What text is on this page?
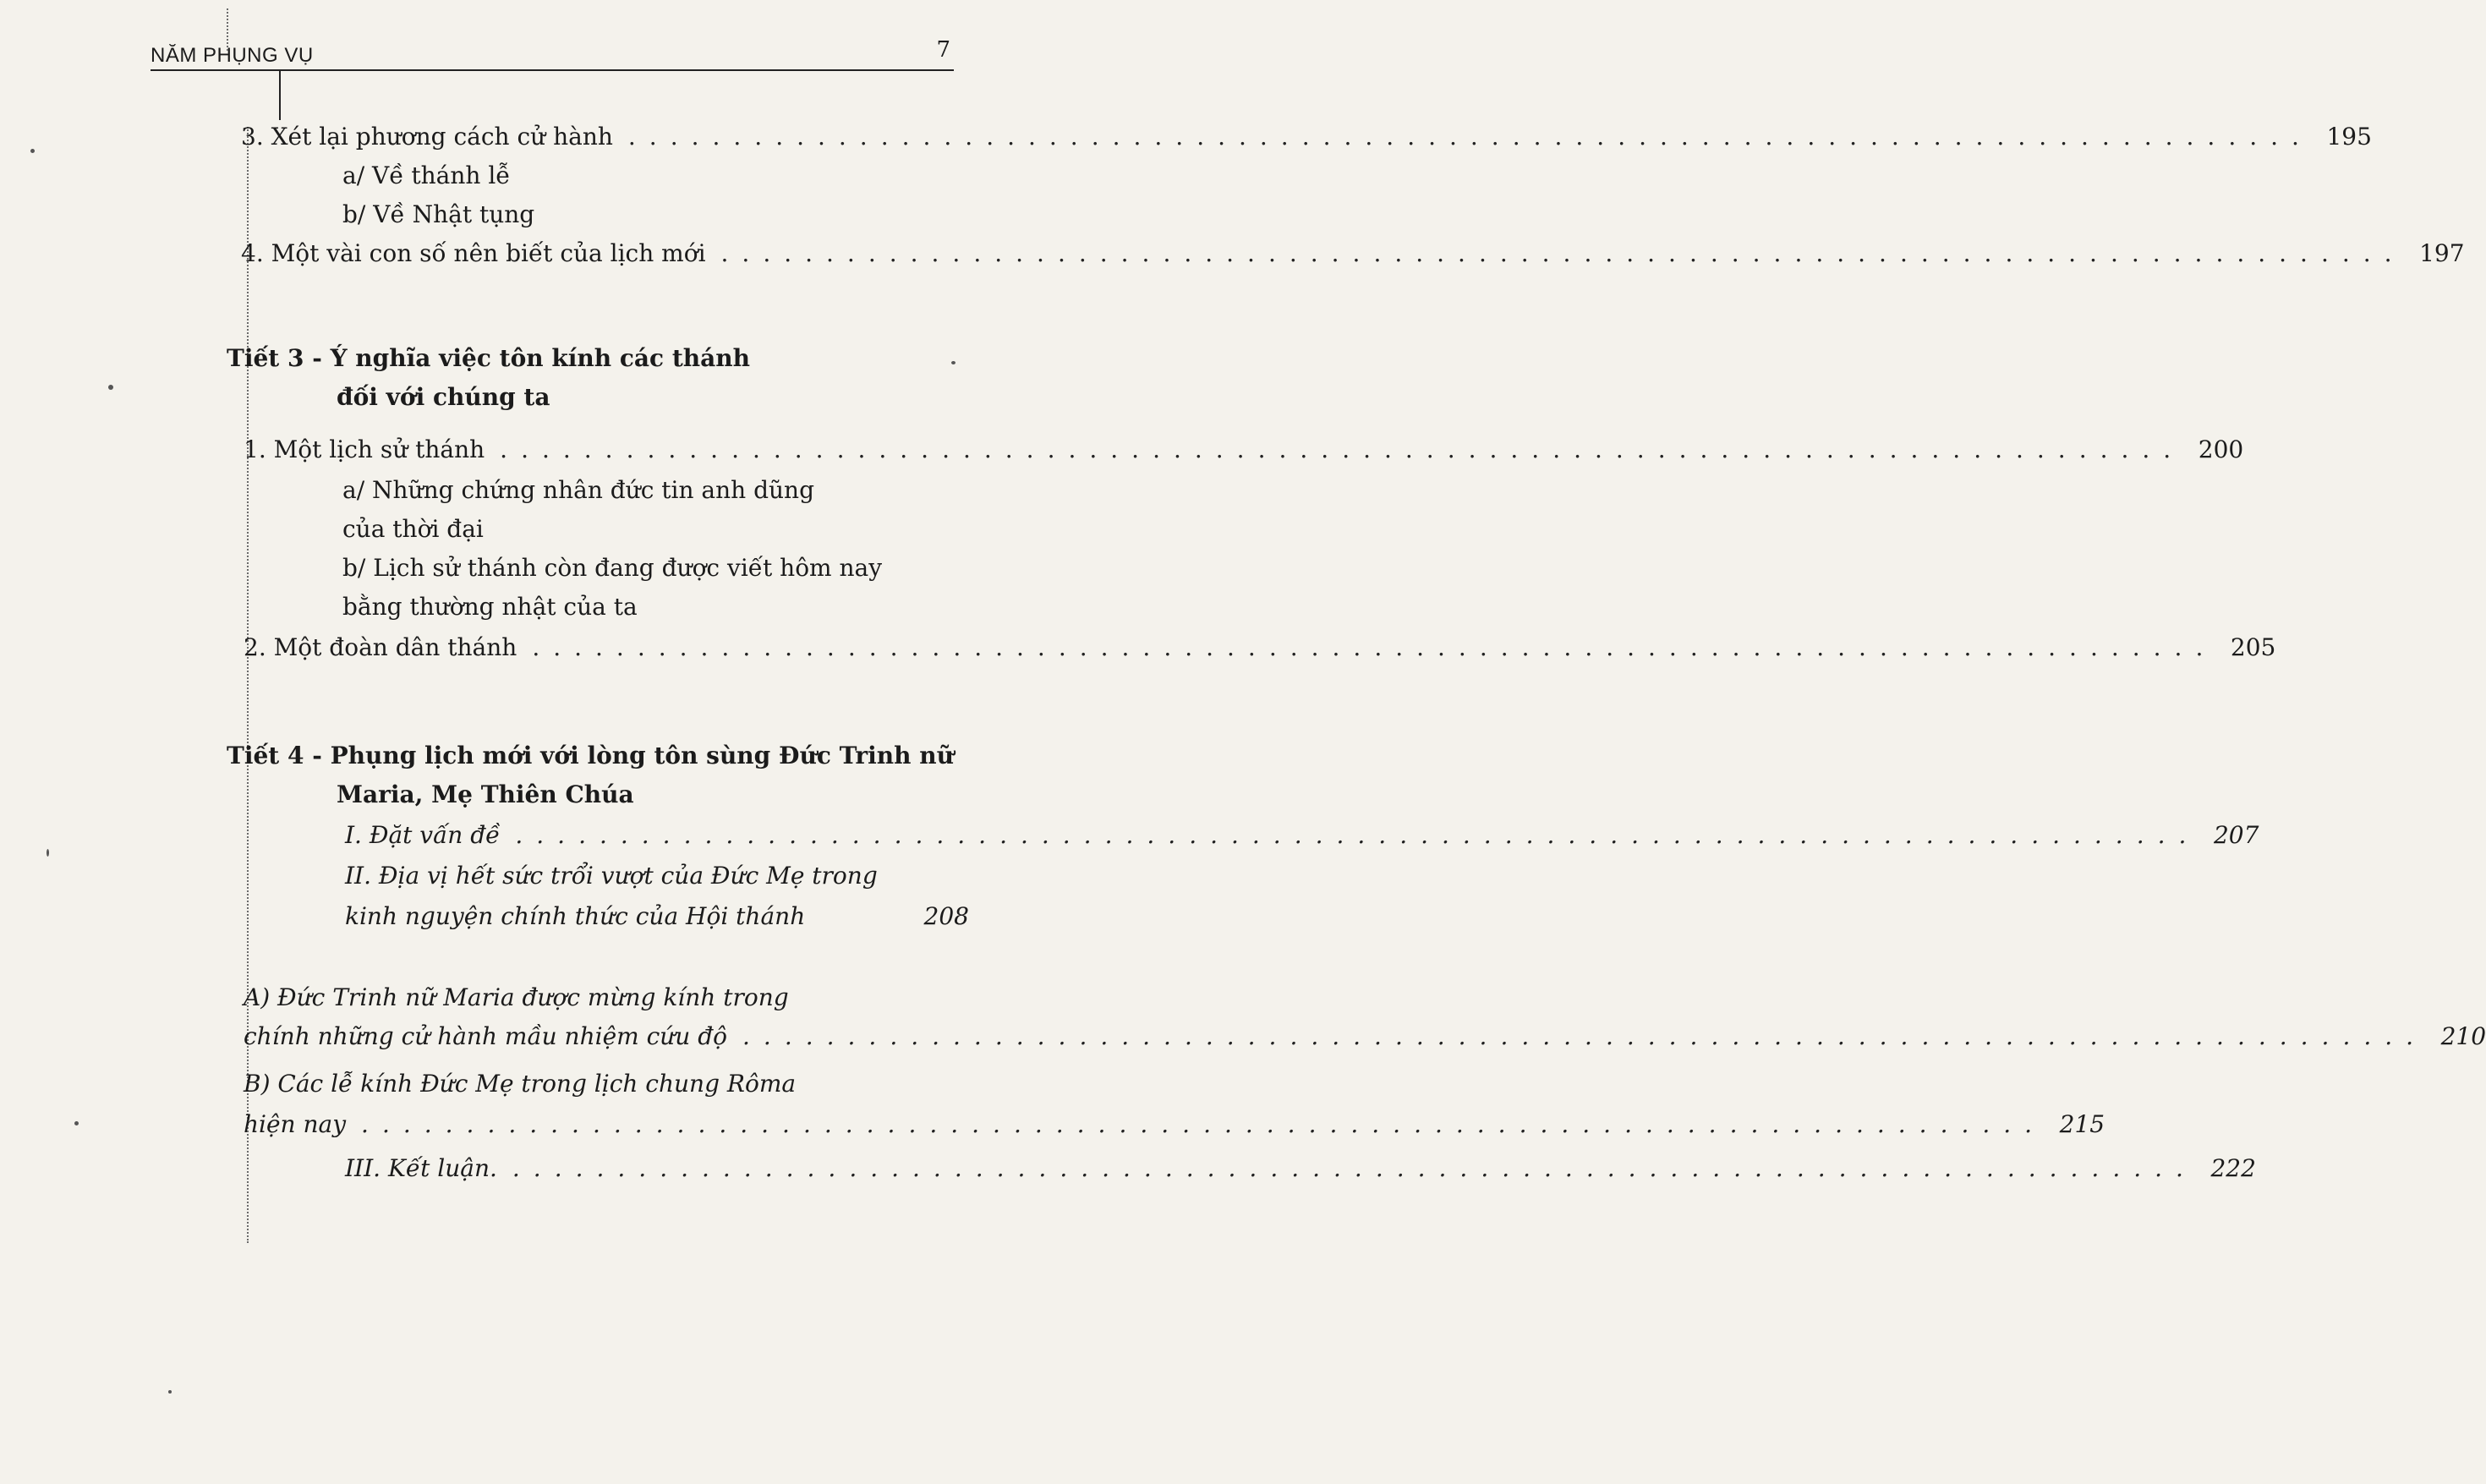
NĂM PHỤNG VỤ	7
3. Xét lại phương cách cử hành ................................................................................ 195
a/ Về thánh lễ
b/ Về Nhật tụng
4. Một vài con số nên biết của lịch mới ................................................................................ 197
Tiết 3 - Ý nghĩa việc tôn kính các thánh
đối với chúng ta
1. Một lịch sử thánh ................................................................................ 200
a/ Những chứng nhân đức tin anh dũng
của thời đại
b/ Lịch sử thánh còn đang được viết hôm nay
bằng thường nhật của ta
2. Một đoàn dân thánh ................................................................................ 205
Tiết 4 - Phụng lịch mới với lòng tôn sùng Đức Trinh nữ
Maria, Mẹ Thiên Chúa
I. Đặt vấn đề ................................................................................ 207
II. Địa vị hết sức trổi vượt của Đức Mẹ trong
kinh nguyện chính thức của Hội thánh	208
A) Đức Trinh nữ Maria được mừng kính trong
chính những cử hành mầu nhiệm cứu độ ................................................................................ 210
B) Các lễ kính Đức Mẹ trong lịch chung Rôma
hiện nay ................................................................................ 215
III. Kết luận. ................................................................................ 222
